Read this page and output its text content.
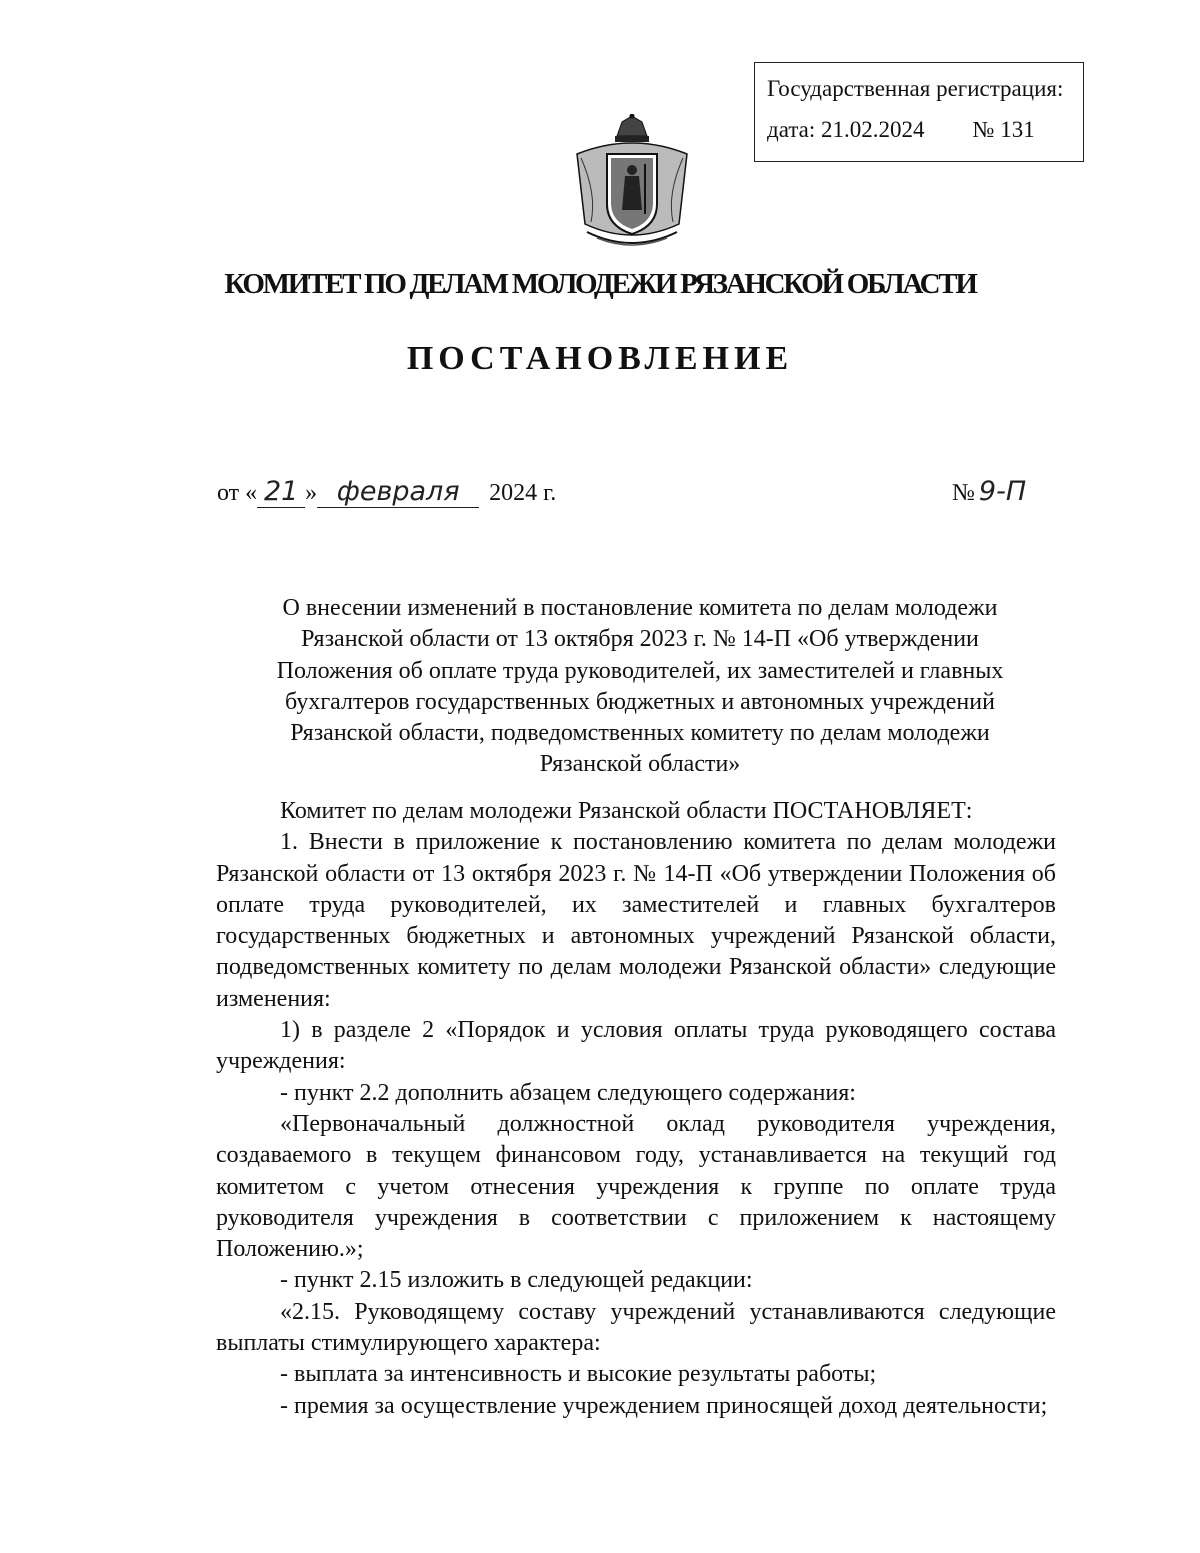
Государственная регистрация:
дата: 21.02.2024 № 131
КОМИТЕТ ПО ДЕЛАМ МОЛОДЕЖИ РЯЗАНСКОЙ ОБЛАСТИ
ПОСТАНОВЛЕНИЕ
от « 21 » февраля 2024 г.	№ 9-П
О внесении изменений в постановление комитета по делам молодежи
Рязанской области от 13 октября 2023 г. № 14-П «Об утверждении
Положения об оплате труда руководителей, их заместителей и главных
бухгалтеров государственных бюджетных и автономных учреждений
Рязанской области, подведомственных комитету по делам молодежи
Рязанской области»
Комитет по делам молодежи Рязанской области ПОСТАНОВЛЯЕТ:
1. Внести в приложение к постановлению комитета по делам молодежи Рязанской области от 13 октября 2023 г. № 14-П «Об утверждении Положения об оплате труда руководителей, их заместителей и главных бухгалтеров государственных бюджетных и автономных учреждений Рязанской области, подведомственных комитету по делам молодежи Рязанской области» следующие изменения:
1) в разделе 2 «Порядок и условия оплаты труда руководящего состава учреждения:
- пункт 2.2 дополнить абзацем следующего содержания:
«Первоначальный должностной оклад руководителя учреждения, создаваемого в текущем финансовом году, устанавливается на текущий год комитетом с учетом отнесения учреждения к группе по оплате труда руководителя учреждения в соответствии с приложением к настоящему Положению.»;
- пункт 2.15 изложить в следующей редакции:
«2.15. Руководящему составу учреждений устанавливаются следующие выплаты стимулирующего характера:
- выплата за интенсивность и высокие результаты работы;
- премия за осуществление учреждением приносящей доход деятельности;
